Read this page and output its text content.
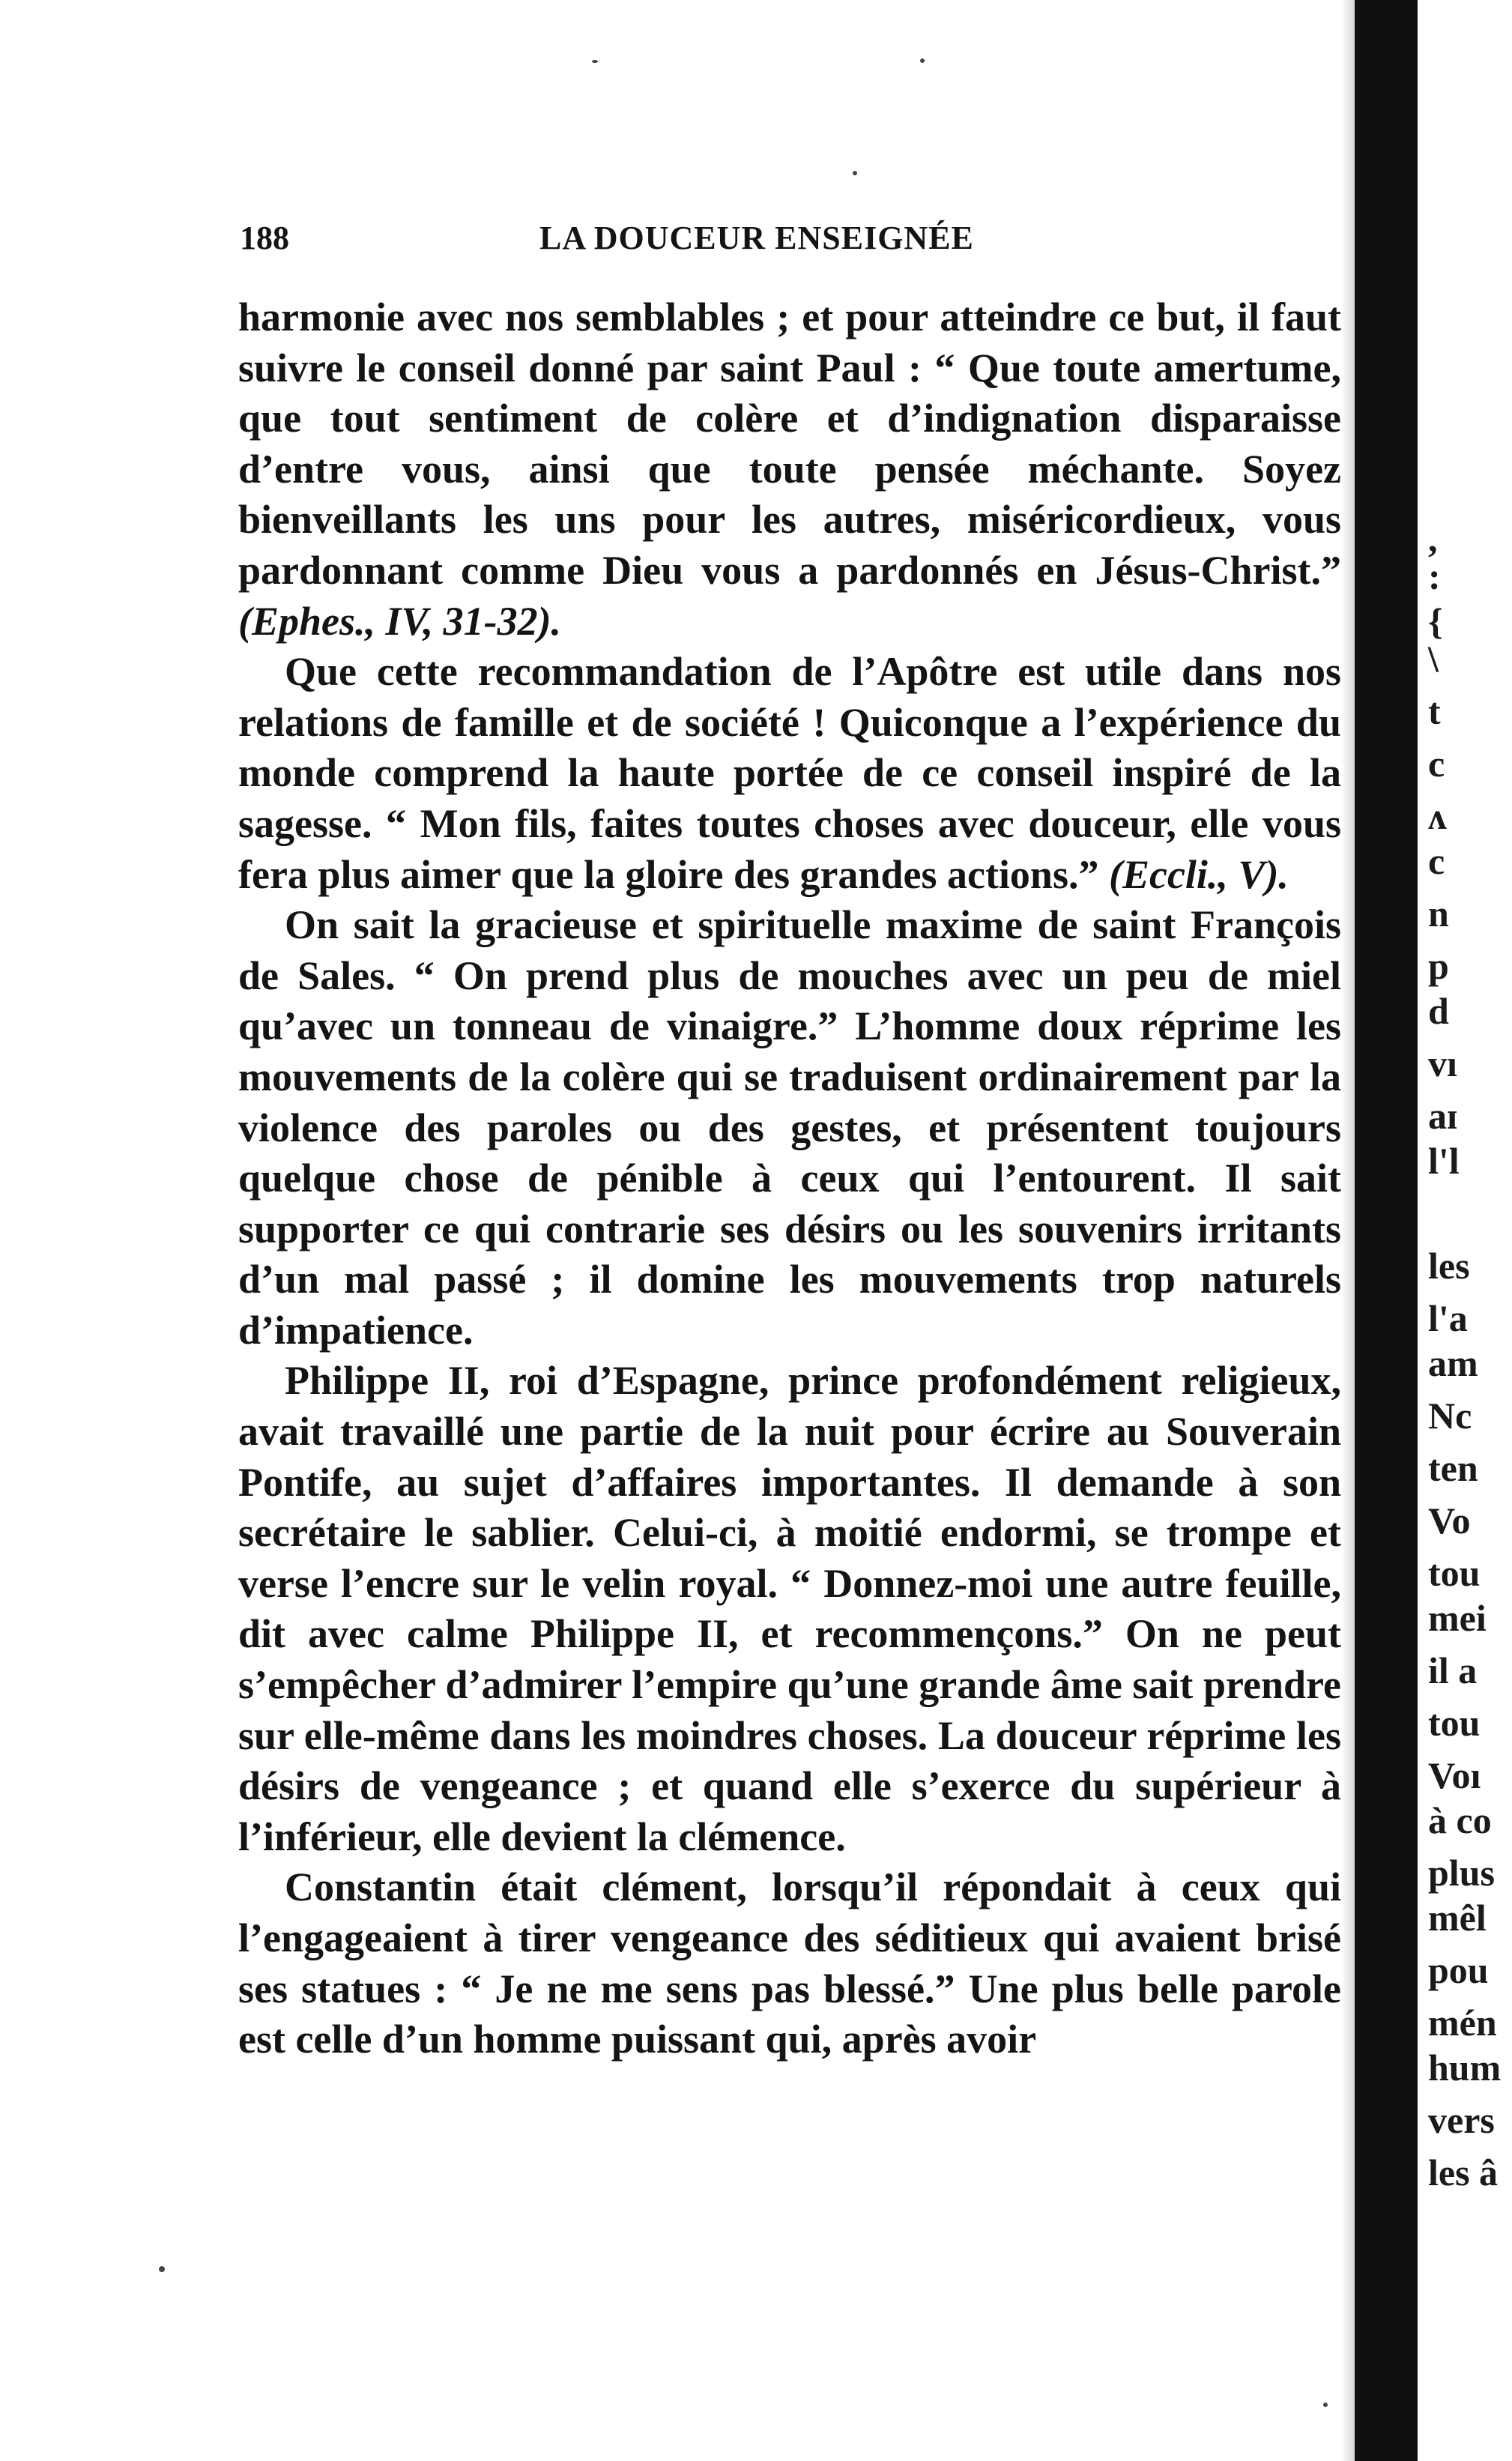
188	LA DOUCEUR ENSEIGNÉE

harmonie avec nos semblables ; et pour atteindre ce but, il faut suivre le conseil donné par saint Paul : “ Que toute amertume, que tout sentiment de colère et d’indignation disparaisse d’entre vous, ainsi que toute pensée méchante. Soyez bienveillants les uns pour les autres, miséricordieux, vous pardonnant comme Dieu vous a pardonnés en Jésus-Christ.” (Ephes., IV, 31-32).

Que cette recommandation de l’Apôtre est utile dans nos relations de famille et de société ! Quiconque a l’expérience du monde comprend la haute portée de ce conseil inspiré de la sagesse. “ Mon fils, faites toutes choses avec douceur, elle vous fera plus aimer que la gloire des grandes actions.” (Eccli., V).

On sait la gracieuse et spirituelle maxime de saint François de Sales. “ On prend plus de mouches avec un peu de miel qu’avec un tonneau de vinaigre.” L’homme doux réprime les mouvements de la colère qui se traduisent ordinairement par la violence des paroles ou des gestes, et présentent toujours quelque chose de pénible à ceux qui l’entourent. Il sait supporter ce qui contrarie ses désirs ou les souvenirs irritants d’un mal passé ; il domine les mouvements trop naturels d’impatience.

Philippe II, roi d’Espagne, prince profondément religieux, avait travaillé une partie de la nuit pour écrire au Souverain Pontife, au sujet d’affaires importantes. Il demande à son secrétaire le sablier. Celui-ci, à moitié endormi, se trompe et verse l’encre sur le velin royal. “ Donnez-moi une autre feuille, dit avec calme Philippe II, et recommençons.” On ne peut s’empêcher d’admirer l’empire qu’une grande âme sait prendre sur elle-même dans les moindres choses. La douceur réprime les désirs de vengeance ; et quand elle s’exerce du supérieur à l’inférieur, elle devient la clémence.

Constantin était clément, lorsqu’il répondait à ceux qui l’engageaient à tirer vengeance des séditieux qui avaient brisé ses statues : “ Je ne me sens pas blessé.” Une plus belle parole est celle d’un homme puissant qui, après avoir

,
:
{
\
t
c
ʌ
c
n
p
d
vı
aɪ
l'l
les
l'a
am
Nc
ten
Vo
tou
mei
il a
tou
Voı
à co
plus
mêl
pou
mén
hum
vers
les â
